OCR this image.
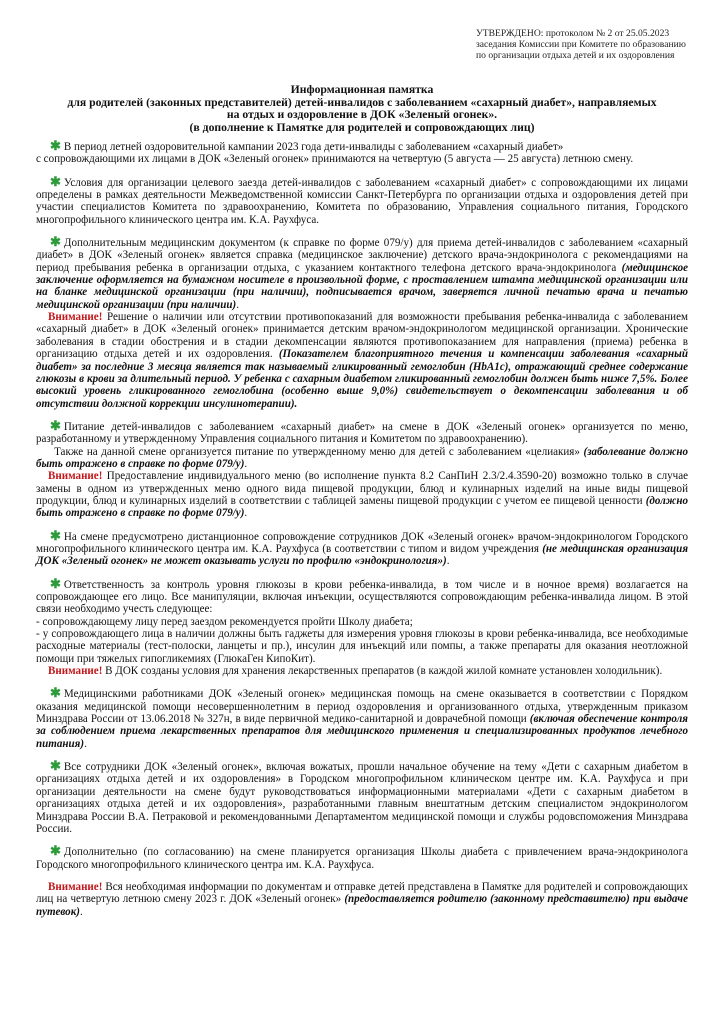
УТВЕРЖДЕНО: протоколом № 2 от 25.05.2023
заседания Комиссии при Комитете по образованию
по организации отдыха детей и их оздоровления
Информационная памятка
для родителей (законных представителей) детей-инвалидов с заболеванием «сахарный диабет», направляемых
на отдых и оздоровление в ДОК «Зеленый огонек».
(в дополнение к Памятке для родителей и сопровождающих лиц)

✱ В период летней оздоровительной кампании 2023 года дети-инвалиды с заболеванием «сахарный диабет»

с сопровождающими их лицами в ДОК «Зеленый огонек» принимаются на четвертую (5 августа — 25 августа) летнюю смену.

✱ Условия для организации целевого заезда детей-инвалидов с заболеванием «сахарный диабет» с сопровождающими их лицами определены в рамках деятельности Межведомственной комиссии Санкт-Петербурга по организации отдыха и оздоровления детей при участии специалистов Комитета по здравоохранению, Комитета по образованию, Управления социального питания, Городского многопрофильного клинического центра им. К.А. Раухфуса.

✱ Дополнительным медицинским документом (к справке по форме 079/у) для приема детей-инвалидов с заболеванием «сахарный диабет» в ДОК «Зеленый огонек» является справка (медицинское заключение) детского врача-эндокринолога с рекомендациями на период пребывания ребенка в организации отдыха, с указанием контактного телефона детского врача-эндокринолога (медицинское заключение оформляется на бумажном носителе в произвольной форме, с проставлением штампа медицинской организации или на бланке медицинской организации (при наличии), подписывается врачом, заверяется личной печатью врача и печатью медицинской организации (при наличии).

Внимание! Решение о наличии или отсутствии противопоказаний для возможности пребывания ребенка-инвалида с заболеванием «сахарный диабет» в ДОК «Зеленый огонек» принимается детским врачом-эндокринологом медицинской организации. Хронические заболевания в стадии обострения и в стадии декомпенсации являются противопоказанием для направления (приема) ребенка в организацию отдыха детей и их оздоровления. (Показателем благоприятного течения и компенсации заболевания «сахарный диабет» за последние 3 месяца является так называемый гликированный гемоглобин (HbA1c), отражающий среднее содержание глюкозы в крови за длительный период. У ребенка с сахарным диабетом гликированный гемоглобин должен быть ниже 7,5%. Более высокий уровень гликированного гемоглобина (особенно выше 9,0%) свидетельствует о декомпенсации заболевания и об отсутствии должной коррекции инсулинотерапии).

✱ Питание детей-инвалидов с заболеванием «сахарный диабет» на смене в ДОК «Зеленый огонек» организуется по меню, разработанному и утвержденному Управления социального питания и Комитетом по здравоохранению).

Также на данной смене организуется питание по утвержденному меню для детей с заболеванием «целиакия» (заболевание должно быть отражено в справке по форме 079/у).

Внимание! Предоставление индивидуального меню (во исполнение пункта 8.2 СанПиН 2.3/2.4.3590-20) возможно только в случае замены в одном из утвержденных меню одного вида пищевой продукции, блюд и кулинарных изделий на иные виды пищевой продукции, блюд и кулинарных изделий в соответствии с таблицей замены пищевой продукции с учетом ее пищевой ценности (должно быть отражено в справке по форме 079/у).

✱ На смене предусмотрено дистанционное сопровождение сотрудников ДОК «Зеленый огонек» врачом-эндокринологом Городского многопрофильного клинического центра им. К.А. Раухфуса (в соответствии с типом и видом учреждения (не медицинская организация ДОК «Зеленый огонек» не может оказывать услуги по профилю «эндокринология»).

✱ Ответственность за контроль уровня глюкозы в крови ребенка-инвалида, в том числе и в ночное время) возлагается на сопровождающее его лицо. Все манипуляции, включая инъекции, осуществляются сопровождающим ребенка-инвалида лицом. В этой связи необходимо учесть следующее:

- сопровождающему лицу перед заездом рекомендуется пройти Школу диабета;

- у сопровождающего лица в наличии должны быть гаджеты для измерения уровня глюкозы в крови ребенка-инвалида, все необходимые расходные материалы (тест-полоски, ланцеты и пр.), инсулин для инъекций или помпы, а также препараты для оказания неотложной помощи при тяжелых гипогликемиях (ГлюкаГен КипоКит).

Внимание! В ДОК созданы условия для хранения лекарственных препаратов (в каждой жилой комнате установлен холодильник).

✱ Медицинскими работниками ДОК «Зеленый огонек» медицинская помощь на смене оказывается в соответствии с Порядком оказания медицинской помощи несовершеннолетним в период оздоровления и организованного отдыха, утвержденным приказом Минздрава России от 13.06.2018 № 327н, в виде первичной медико-санитарной и доврачебной помощи (включая обеспечение контроля за соблюдением приема лекарственных препаратов для медицинского применения и специализированных продуктов лечебного питания).

✱ Все сотрудники ДОК «Зеленый огонек», включая вожатых, прошли начальное обучение на тему «Дети с сахарным диабетом в организациях отдыха детей и их оздоровления» в Городском многопрофильном клиническом центре им. К.А. Раухфуса и при организации деятельности на смене будут руководствоваться информационными материалами «Дети с сахарным диабетом в организациях отдыха детей и их оздоровления», разработанными главным внештатным детским специалистом эндокринологом Минздрава России В.А. Петраковой и рекомендованными Департаментом медицинской помощи и службы родовспоможения Минздрава России.

✱ Дополнительно (по согласованию) на смене планируется организация Школы диабета с привлечением врача-эндокринолога Городского многопрофильного клинического центра им. К.А. Раухфуса.

Внимание! Вся необходимая информации по документам и отправке детей представлена в Памятке для родителей и сопровождающих лиц на четвертую летнюю смену 2023 г. ДОК «Зеленый огонек» (предоставляется родителю (законному представителю) при выдаче путевок).
